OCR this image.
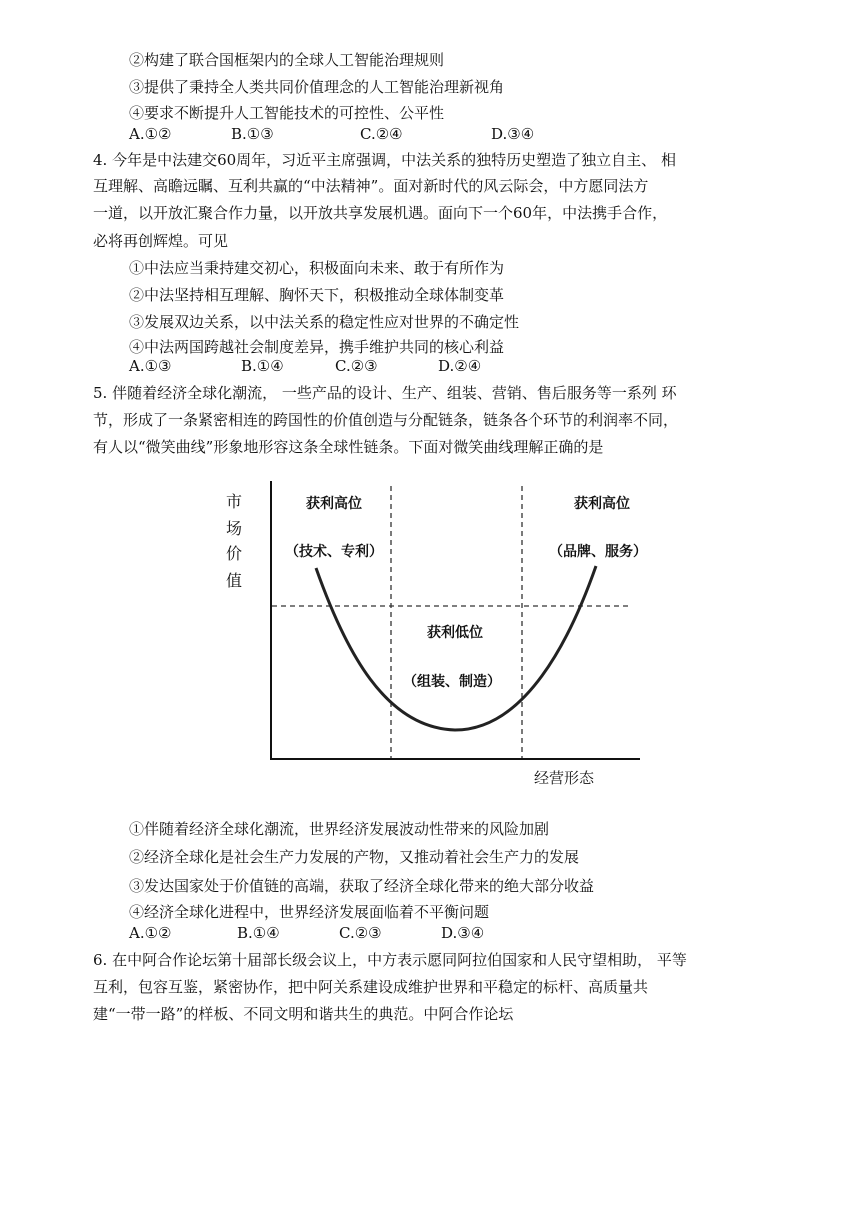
②构建了联合国框架内的全球人工智能治理规则
③提供了秉持全人类共同价值理念的人工智能治理新视角
④要求不断提升人工智能技术的可控性、公平性
A.①②	B.①③	C.②④	D.③④
4. 今年是中法建交60周年，习近平主席强调，中法关系的独特历史塑造了独立自主、 相
互理解、高瞻远瞩、互利共赢的“中法精神”。面对新时代的风云际会，中方愿同法方
一道，以开放汇聚合作力量，以开放共享发展机遇。面向下一个60年，中法携手合作，
必将再创辉煌。可见
①中法应当秉持建交初心，积极面向未来、敢于有所作为
②中法坚持相互理解、胸怀天下，积极推动全球体制变革
③发展双边关系，以中法关系的稳定性应对世界的不确定性
④中法两国跨越社会制度差异，携手维护共同的核心利益
A.①③	B.①④	C.②③	D.②④
5. 伴随着经济全球化潮流， 一些产品的设计、生产、组装、营销、售后服务等一系列 环
节，形成了一条紧密相连的跨国性的价值创造与分配链条，链条各个环节的利润率不同，
有人以“微笑曲线”形象地形容这条全球性链条。下面对微笑曲线理解正确的是
市
场
价
值
获利高位
（技术、专利）
获利高位
（品牌、服务）
获利低位
（组装、制造）
经营形态
①伴随着经济全球化潮流，世界经济发展波动性带来的风险加剧
②经济全球化是社会生产力发展的产物，又推动着社会生产力的发展
③发达国家处于价值链的高端，获取了经济全球化带来的绝大部分收益
④经济全球化进程中，世界经济发展面临着不平衡问题
A.①②	B.①④	C.②③	D.③④
6. 在中阿合作论坛第十届部长级会议上，中方表示愿同阿拉伯国家和人民守望相助， 平等
互利，包容互鉴，紧密协作，把中阿关系建设成维护世界和平稳定的标杆、高质量共
建“一带一路”的样板、不同文明和谐共生的典范。中阿合作论坛
